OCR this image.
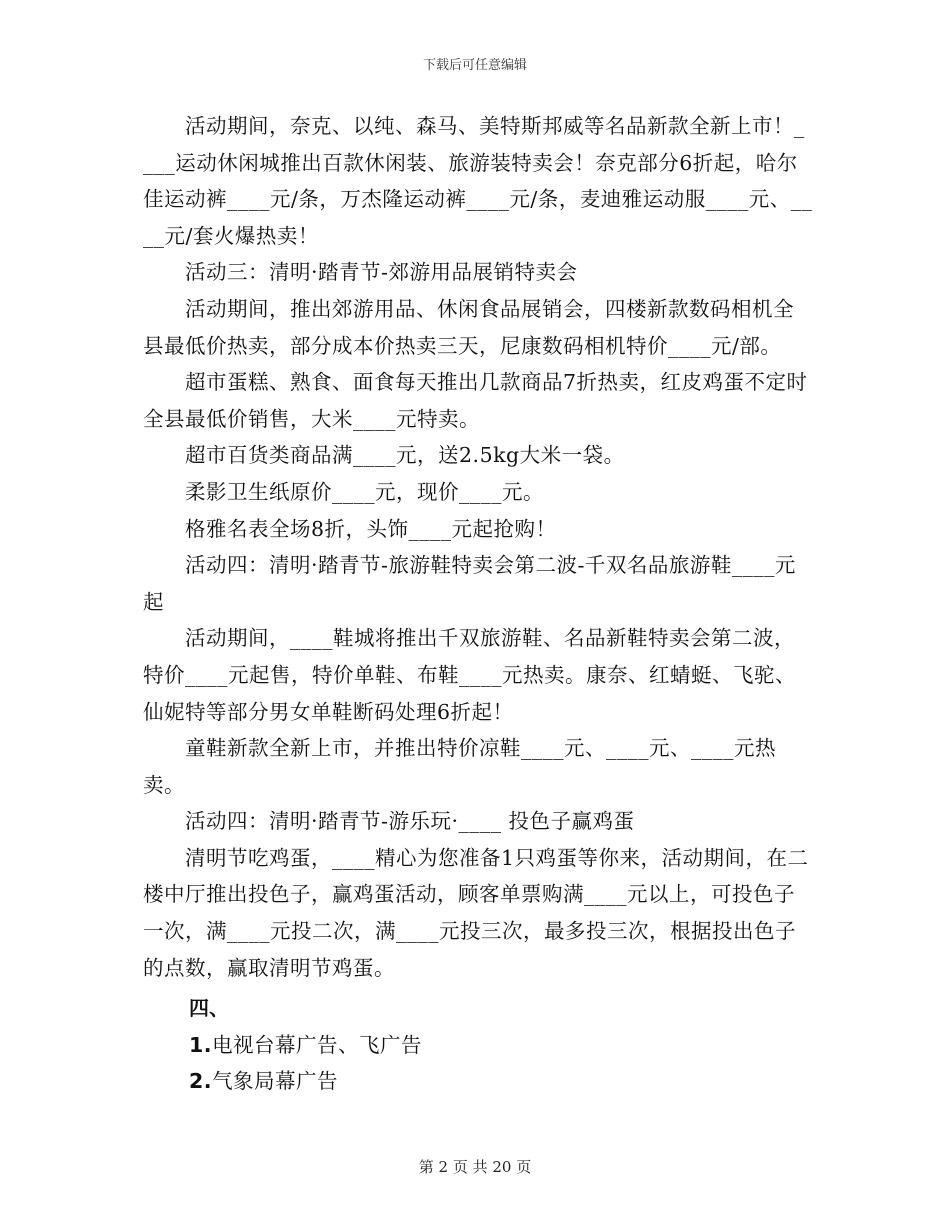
下载后可任意编辑

活动期间，奈克、以纯、森马、美特斯邦威等名品新款全新上市！____运动休闲城推出百款休闲装、旅游装特卖会！奈克部分6折起，哈尔佳运动裤____元/条，万杰隆运动裤____元/条，麦迪雅运动服____元、____元/套火爆热卖！

活动三：清明·踏青节-郊游用品展销特卖会

活动期间，推出郊游用品、休闲食品展销会，四楼新款数码相机全县最低价热卖，部分成本价热卖三天，尼康数码相机特价____元/部。

超市蛋糕、熟食、面食每天推出几款商品7折热卖，红皮鸡蛋不定时全县最低价销售，大米____元特卖。

超市百货类商品满____元，送2.5kg大米一袋。

柔影卫生纸原价____元，现价____元。

格雅名表全场8折，头饰____元起抢购！

活动四：清明·踏青节-旅游鞋特卖会第二波-千双名品旅游鞋____元起

活动期间，____鞋城将推出千双旅游鞋、名品新鞋特卖会第二波，特价____元起售，特价单鞋、布鞋____元热卖。康奈、红蜻蜓、飞驼、仙妮特等部分男女单鞋断码处理6折起！

童鞋新款全新上市，并推出特价凉鞋____元、____元、____元热卖。

活动四：清明·踏青节-游乐玩·____ 投色子赢鸡蛋

清明节吃鸡蛋，____精心为您准备1只鸡蛋等你来，活动期间，在二楼中厅推出投色子，赢鸡蛋活动，顾客单票购满____元以上，可投色子一次，满____元投二次，满____元投三次，最多投三次，根据投出色子的点数，赢取清明节鸡蛋。

四、
1.电视台幕广告、飞广告
2.气象局幕广告
第 2 页 共 20 页
